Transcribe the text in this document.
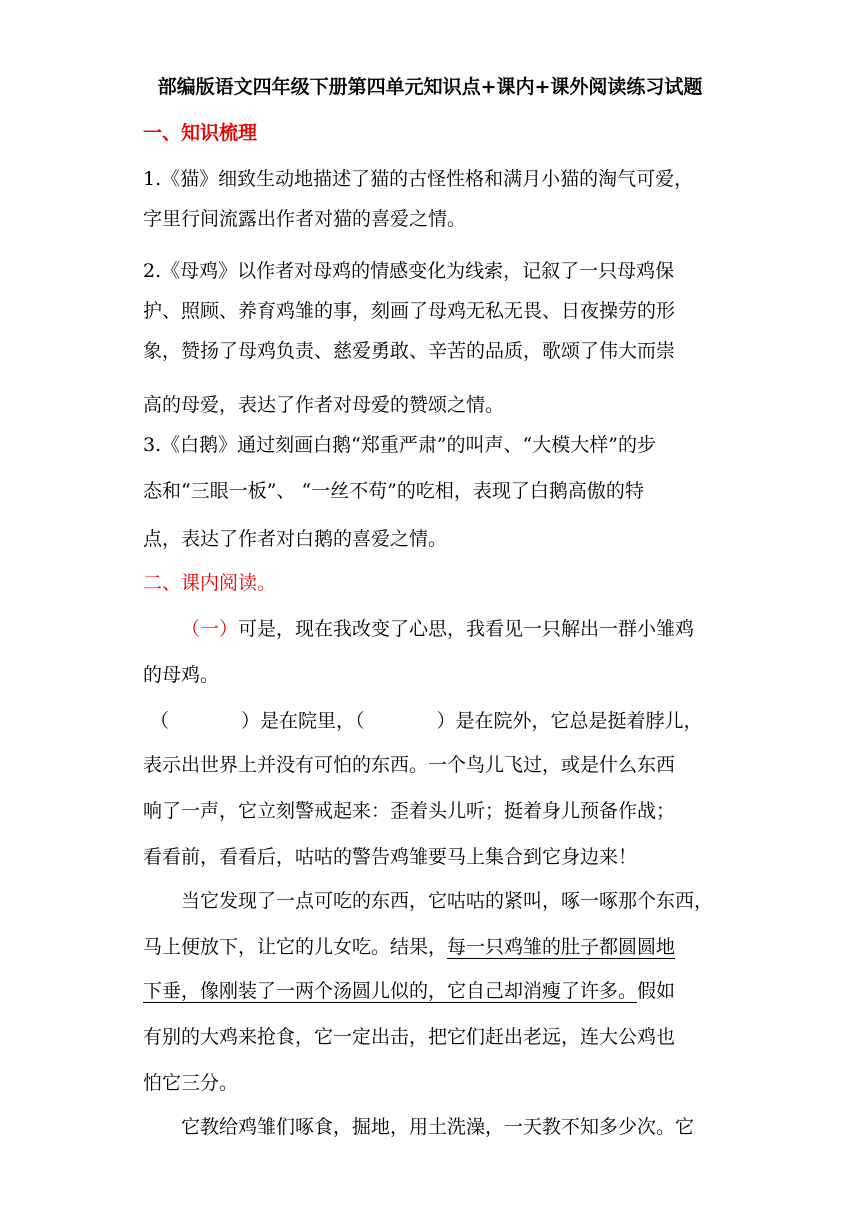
部编版语文四年级下册第四单元知识点+课内+课外阅读练习试题
一、知识梳理
1.《猫》细致生动地描述了猫的古怪性格和满月小猫的淘气可爱，
字里行间流露出作者对猫的喜爱之情。
2.《母鸡》以作者对母鸡的情感变化为线索，记叙了一只母鸡保
护、照顾、养育鸡雏的事，刻画了母鸡无私无畏、日夜操劳的形
象，赞扬了母鸡负责、慈爱勇敢、辛苦的品质，歌颂了伟大而崇
高的母爱，表达了作者对母爱的赞颂之情。
3.《白鹅》通过刻画白鹅“郑重严肃”的叫声、“大模大样”的步
态和“三眼一板”、 “一丝不苟”的吃相，表现了白鹅高傲的特
点，表达了作者对白鹅的喜爱之情。
二、课内阅读。
（一）可是，现在我改变了心思，我看见一只解出一群小雏鸡
的母鸡。
（	）是在院里，（	）是在院外，它总是挺着脖儿，
表示出世界上并没有可怕的东西。一个鸟儿飞过，或是什么东西
响了一声，它立刻警戒起来：歪着头儿听；挺着身儿预备作战；
看看前，看看后，咕咕的警告鸡雏要马上集合到它身边来！
当它发现了一点可吃的东西，它咕咕的紧叫，啄一啄那个东西，
马上便放下，让它的儿女吃。结果，每一只鸡雏的肚子都圆圆地
下垂，像刚装了一两个汤圆儿似的，它自己却消瘦了许多。假如
有别的大鸡来抢食，它一定出击，把它们赶出老远，连大公鸡也
怕它三分。
它教给鸡雏们啄食，掘地，用土洗澡，一天教不知多少次。它
